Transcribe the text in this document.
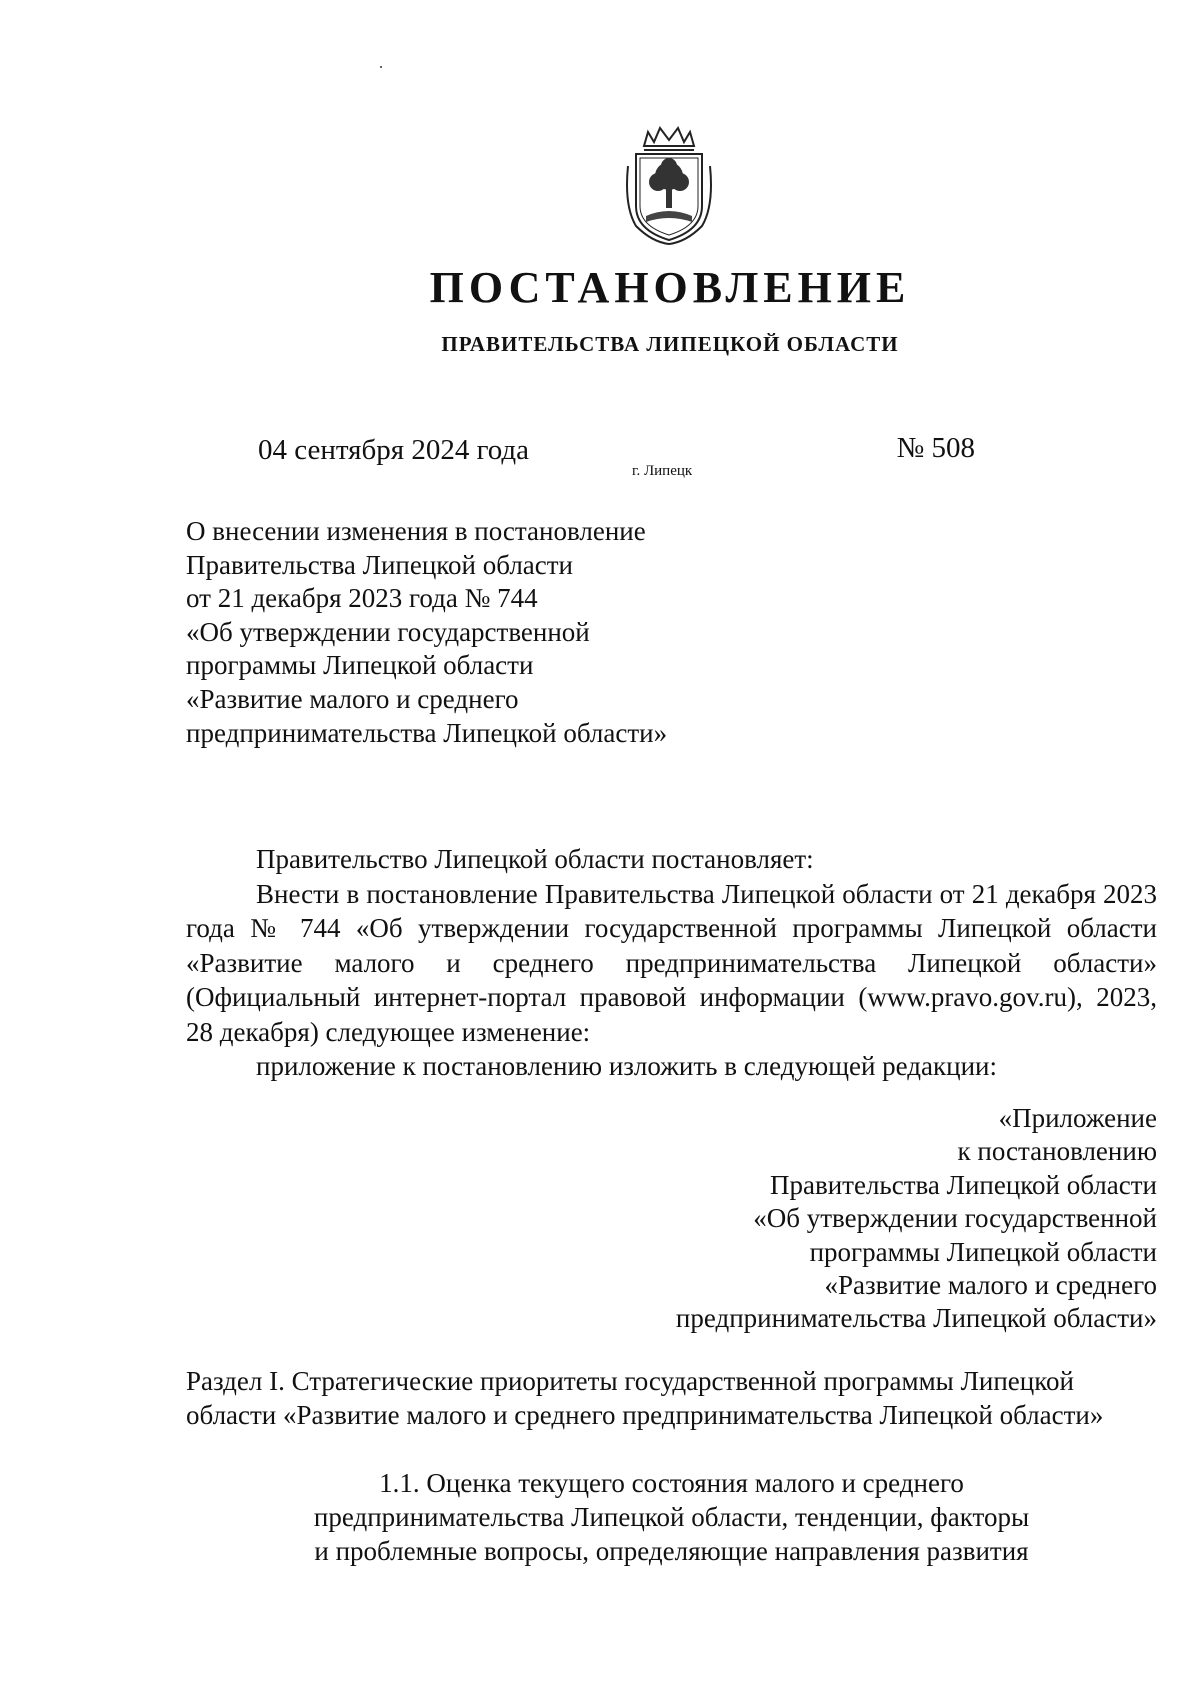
ПОСТАНОВЛЕНИЕ
ПРАВИТЕЛЬСТВА ЛИПЕЦКОЙ ОБЛАСТИ
04 сентября 2024 года
г. Липецк
№ 508
О внесении изменения в постановление
Правительства Липецкой области
от 21 декабря 2023 года № 744
«Об утверждении государственной
программы Липецкой области
«Развитие малого и среднего
предпринимательства Липецкой области»
Правительство Липецкой области постановляет:
Внести в постановление Правительства Липецкой области от 21 декабря 2023 года № 744 «Об утверждении государственной программы Липецкой области «Развитие малого и среднего предпринимательства Липецкой области» (Официальный интернет-портал правовой информации (www.pravo.gov.ru), 2023, 28 декабря) следующее изменение:
приложение к постановлению изложить в следующей редакции:
«Приложение
к постановлению
Правительства Липецкой области
«Об утверждении государственной
программы Липецкой области
«Развитие малого и среднего
предпринимательства Липецкой области»
Раздел I. Стратегические приоритеты государственной программы Липецкой области «Развитие малого и среднего предпринимательства Липецкой области»
1.1. Оценка текущего состояния малого и среднего
предпринимательства Липецкой области, тенденции, факторы
и проблемные вопросы, определяющие направления развития
